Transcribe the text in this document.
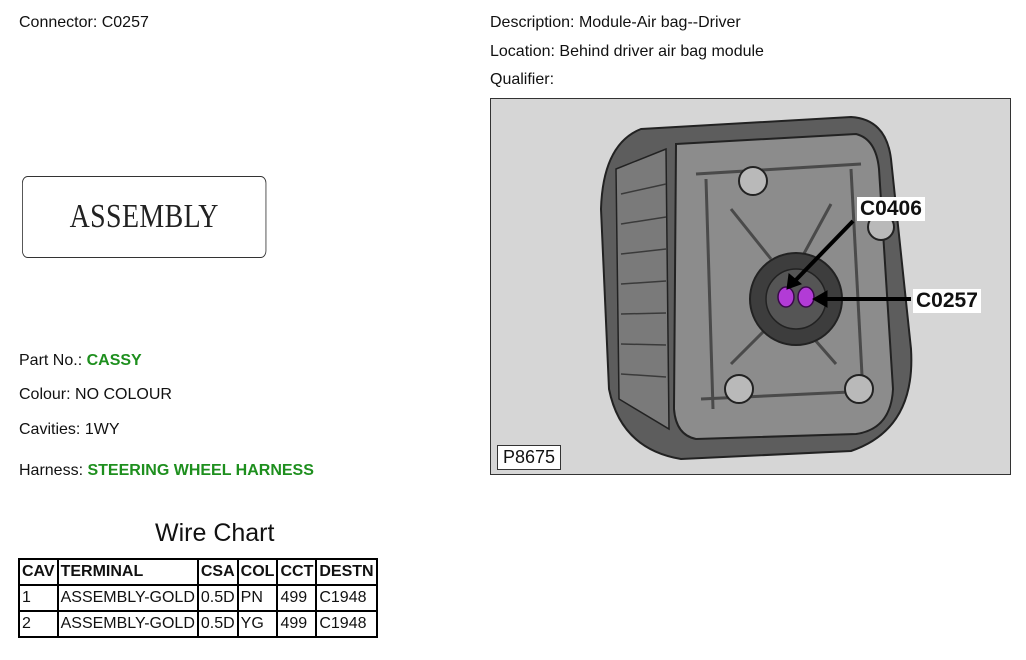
Connector: C0257	Description: Module-Air bag--Driver
Location: Behind driver air bag module
Qualifier:
ASSEMBLY
Part No.: CASSY
Colour: NO COLOUR
Cavities: 1WY
Harness: STEERING WHEEL HARNESS
Wire Chart
CAV	TERMINAL	CSA	COL	CCT	DESTN
1	ASSEMBLY-GOLD	0.5D	PN	499	C1948
2	ASSEMBLY-GOLD	0.5D	YG	499	C1948
C0406
C0257
P8675
